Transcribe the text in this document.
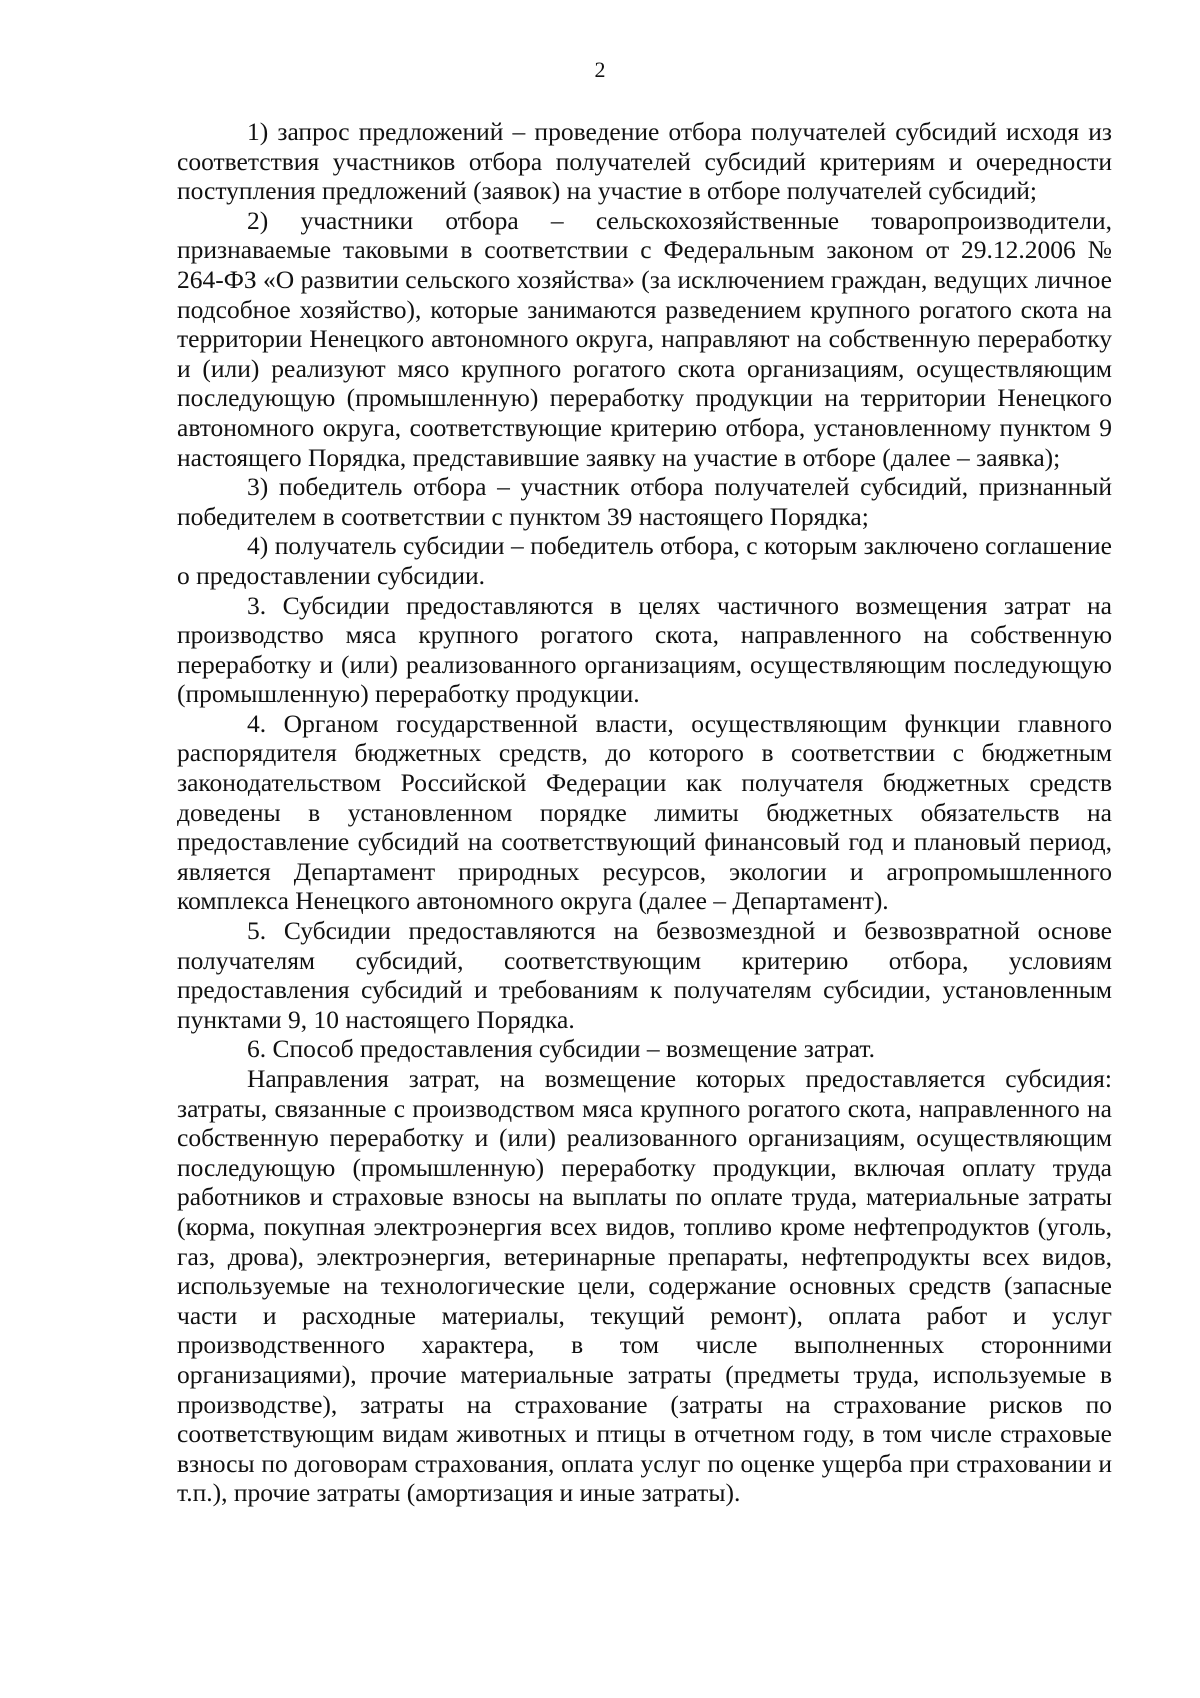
2

1) запрос предложений – проведение отбора получателей субсидий исходя из соответствия участников отбора получателей субсидий критериям и очередности поступления предложений (заявок) на участие в отборе получателей субсидий;

2) участники отбора – сельскохозяйственные товаропроизводители, признаваемые таковыми в соответствии с Федеральным законом от 29.12.2006 № 264-ФЗ «О развитии сельского хозяйства» (за исключением граждан, ведущих личное подсобное хозяйство), которые занимаются разведением крупного рогатого скота на территории Ненецкого автономного округа, направляют на собственную переработку и (или) реализуют мясо крупного рогатого скота организациям, осуществляющим последующую (промышленную) переработку продукции на территории Ненецкого автономного округа, соответствующие критерию отбора, установленному пунктом 9 настоящего Порядка, представившие заявку на участие в отборе (далее – заявка);

3) победитель отбора – участник отбора получателей субсидий, признанный победителем в соответствии с пунктом 39 настоящего Порядка;

4) получатель субсидии – победитель отбора, с которым заключено соглашение о предоставлении субсидии.

3. Субсидии предоставляются в целях частичного возмещения затрат на производство мяса крупного рогатого скота, направленного на собственную переработку и (или) реализованного организациям, осуществляющим последующую (промышленную) переработку продукции.

4. Органом государственной власти, осуществляющим функции главного распорядителя бюджетных средств, до которого в соответствии с бюджетным законодательством Российской Федерации как получателя бюджетных средств доведены в установленном порядке лимиты бюджетных обязательств на предоставление субсидий на соответствующий финансовый год и плановый период, является Департамент природных ресурсов, экологии и агропромышленного комплекса Ненецкого автономного округа (далее – Департамент).

5. Субсидии предоставляются на безвозмездной и безвозвратной основе получателям субсидий, соответствующим критерию отбора, условиям предоставления субсидий и требованиям к получателям субсидии, установленным пунктами 9, 10 настоящего Порядка.

6. Способ предоставления субсидии – возмещение затрат.

Направления затрат, на возмещение которых предоставляется субсидия: затраты, связанные с производством мяса крупного рогатого скота, направленного на собственную переработку и (или) реализованного организациям, осуществляющим последующую (промышленную) переработку продукции, включая оплату труда работников и страховые взносы на выплаты по оплате труда, материальные затраты (корма, покупная электроэнергия всех видов, топливо кроме нефтепродуктов (уголь, газ, дрова), электроэнергия, ветеринарные препараты, нефтепродукты всех видов, используемые на технологические цели, содержание основных средств (запасные части и расходные материалы, текущий ремонт), оплата работ и услуг производственного характера, в том числе выполненных сторонними организациями), прочие материальные затраты (предметы труда, используемые в производстве), затраты на страхование (затраты на страхование рисков по соответствующим видам животных и птицы в отчетном году, в том числе страховые взносы по договорам страхования, оплата услуг по оценке ущерба при страховании и т.п.), прочие затраты (амортизация и иные затраты).
